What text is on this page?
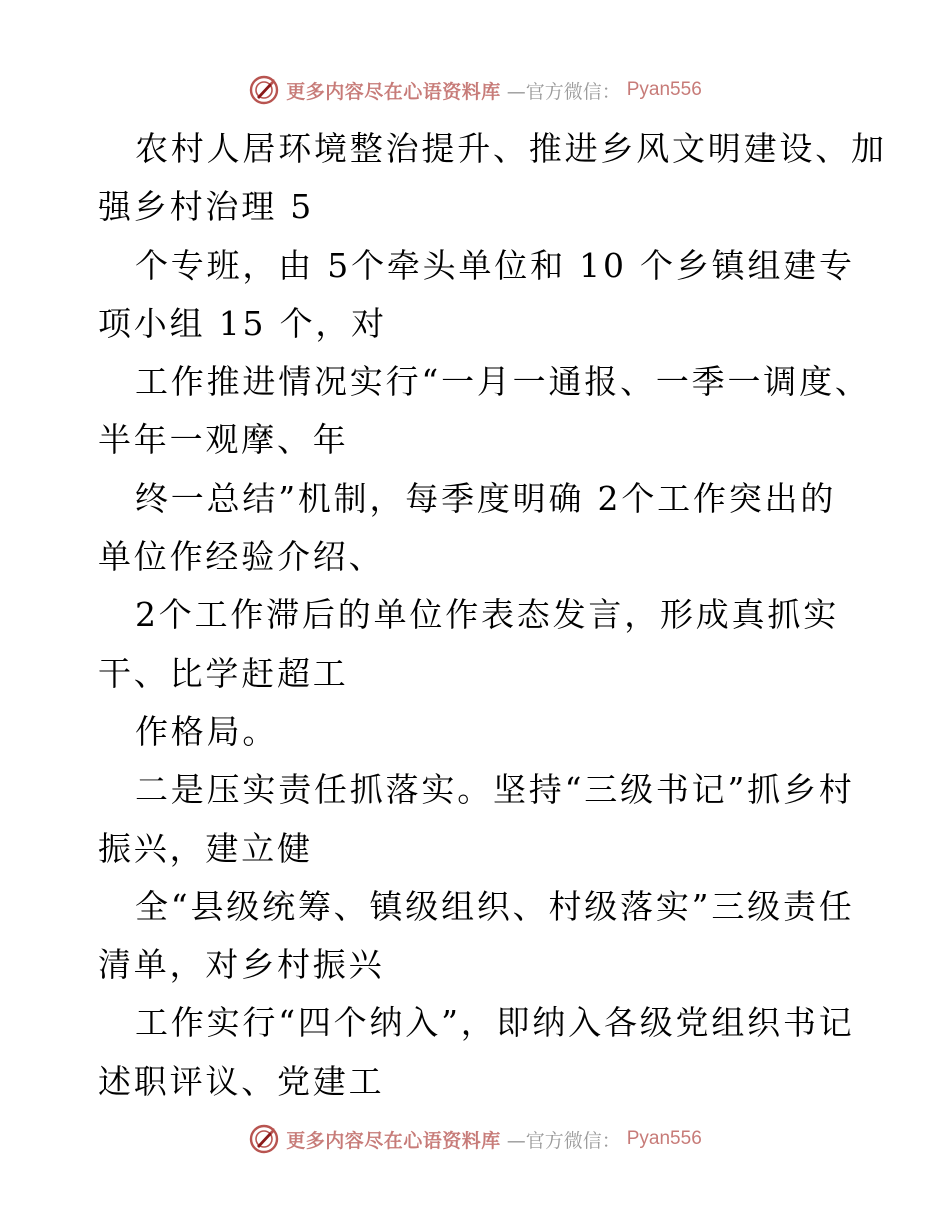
更多内容尽在心语资料库 —官方微信： Pyan556
农村人居环境整治提升、推进乡风文明建设、加
强乡村治理 5
个专班，由 5个牵头单位和 10 个乡镇组建专
项小组 15 个，对
工作推进情况实行“一月一通报、一季一调度、
半年一观摩、年
终一总结”机制，每季度明确 2个工作突出的
单位作经验介绍、
2个工作滞后的单位作表态发言，形成真抓实
干、比学赶超工
作格局。
二是压实责任抓落实。坚持“三级书记”抓乡村
振兴，建立健
全“县级统筹、镇级组织、村级落实”三级责任
清单，对乡村振兴
工作实行“四个纳入”，即纳入各级党组织书记
述职评议、党建工
更多内容尽在心语资料库 —官方微信： Pyan556
